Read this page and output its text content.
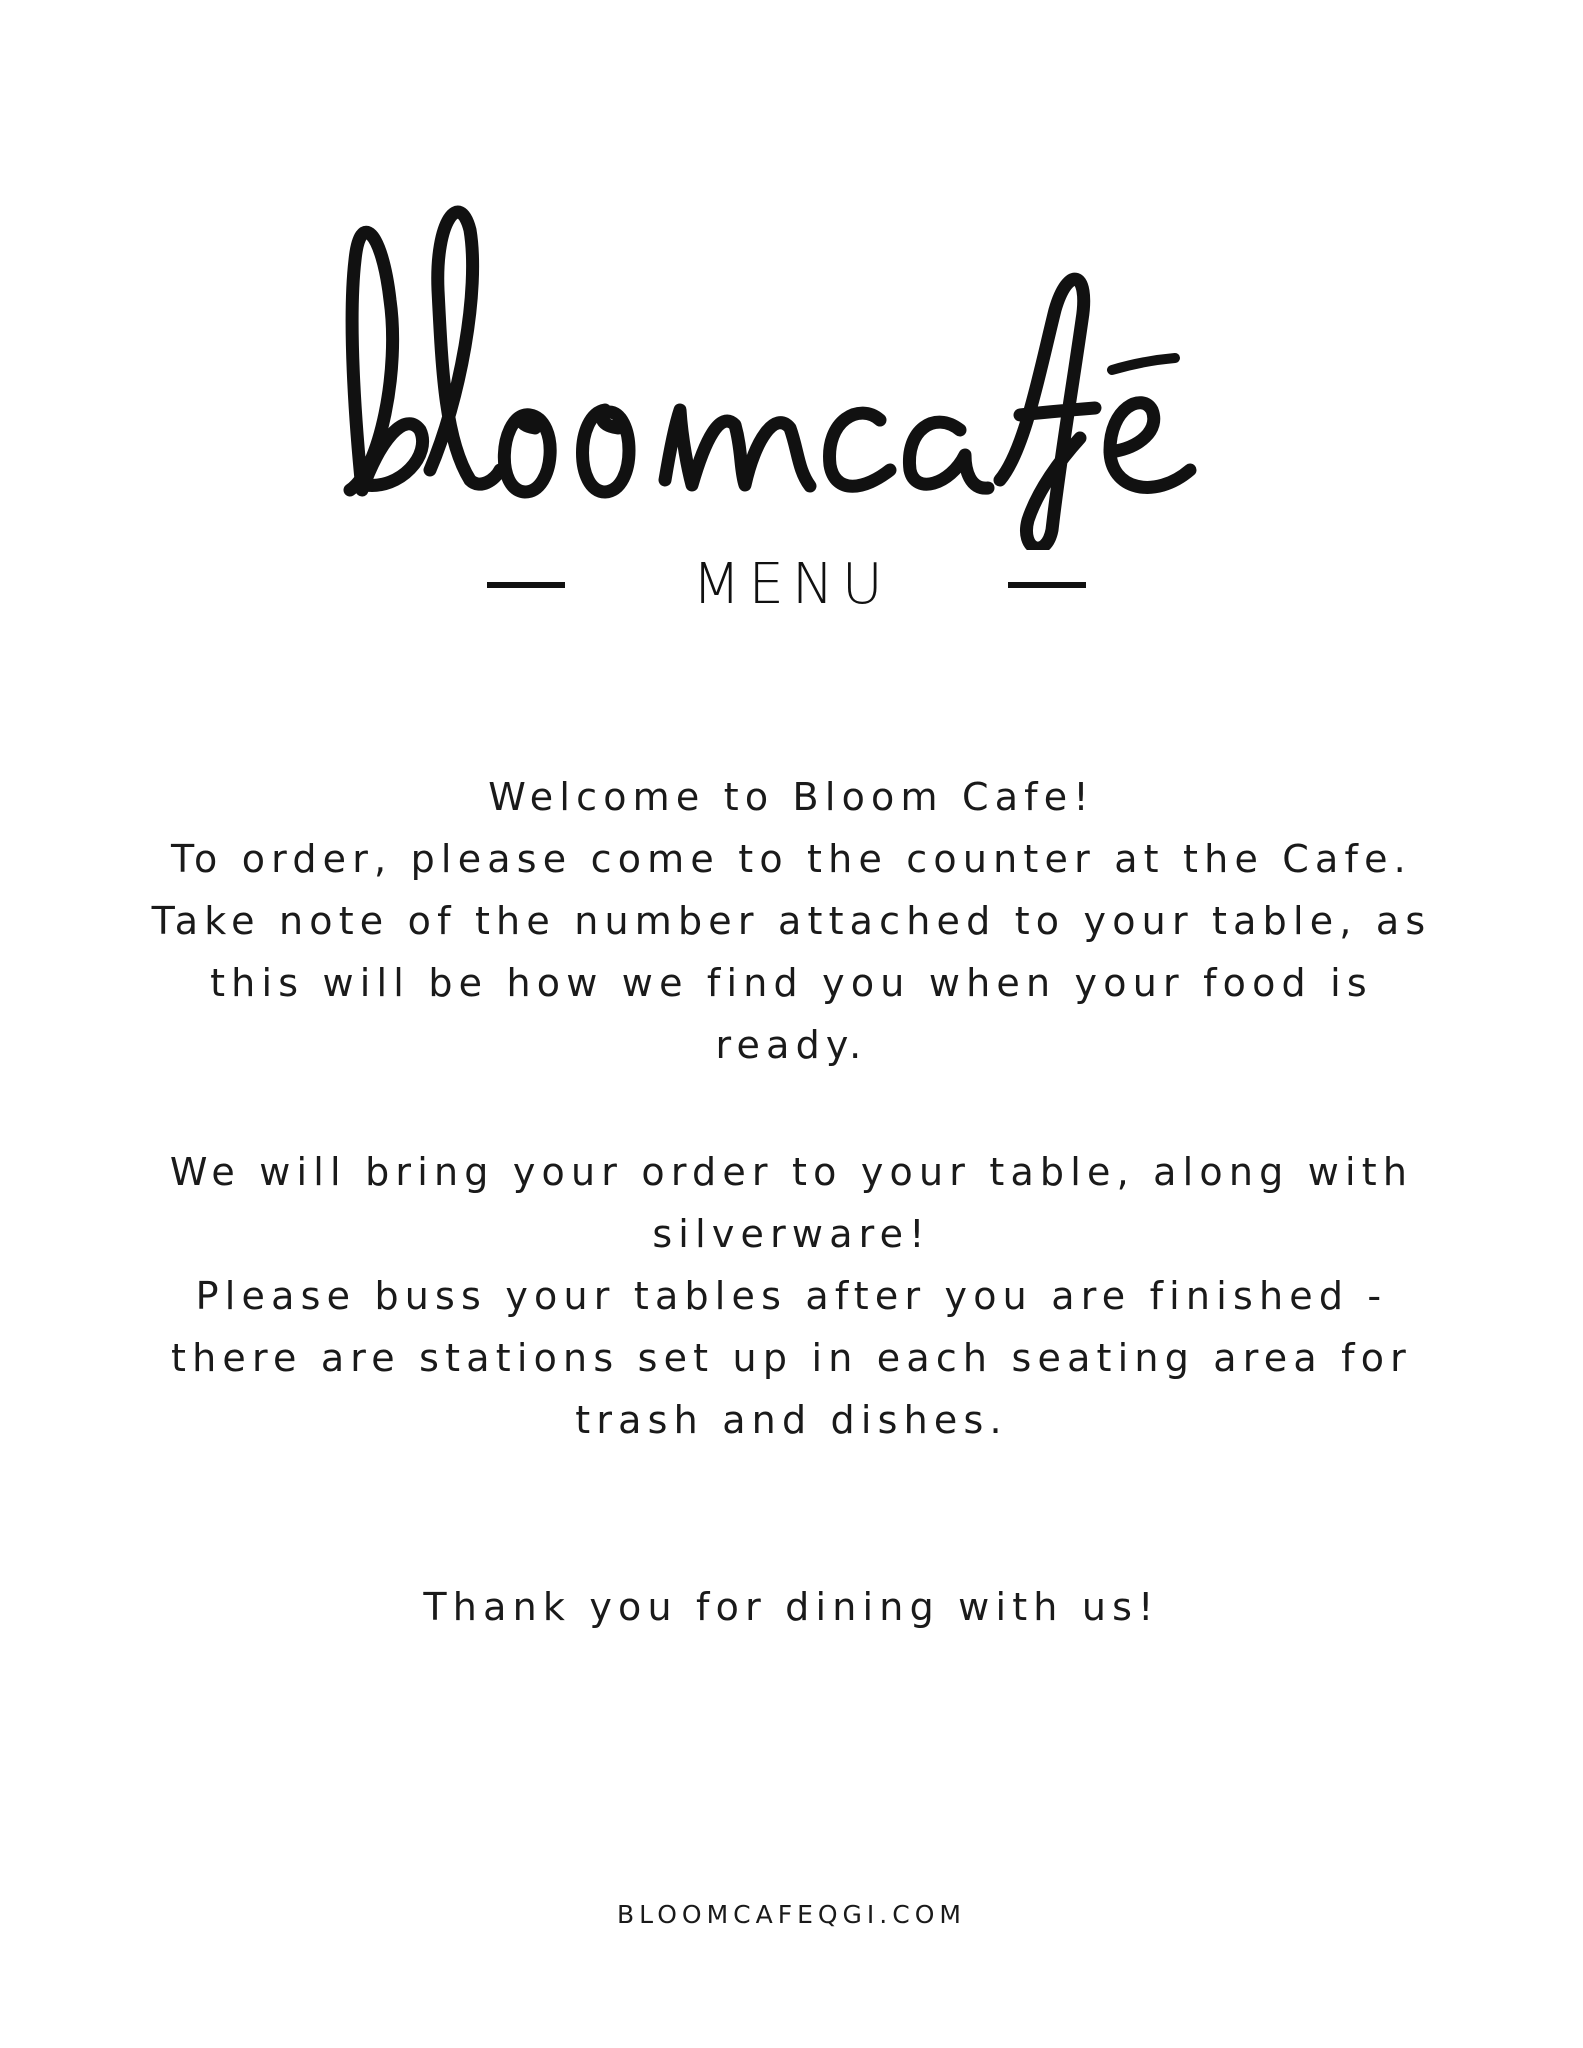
MENU

Welcome to Bloom Cafe!
To order, please come to the counter at the Cafe.
Take note of the number attached to your table, as
this will be how we find you when your food is
ready.

We will bring your order to your table, along with
silverware!
Please buss your tables after you are finished -
there are stations set up in each seating area for
trash and dishes.

Thank you for dining with us!

BLOOMCAFEQGI.COM
